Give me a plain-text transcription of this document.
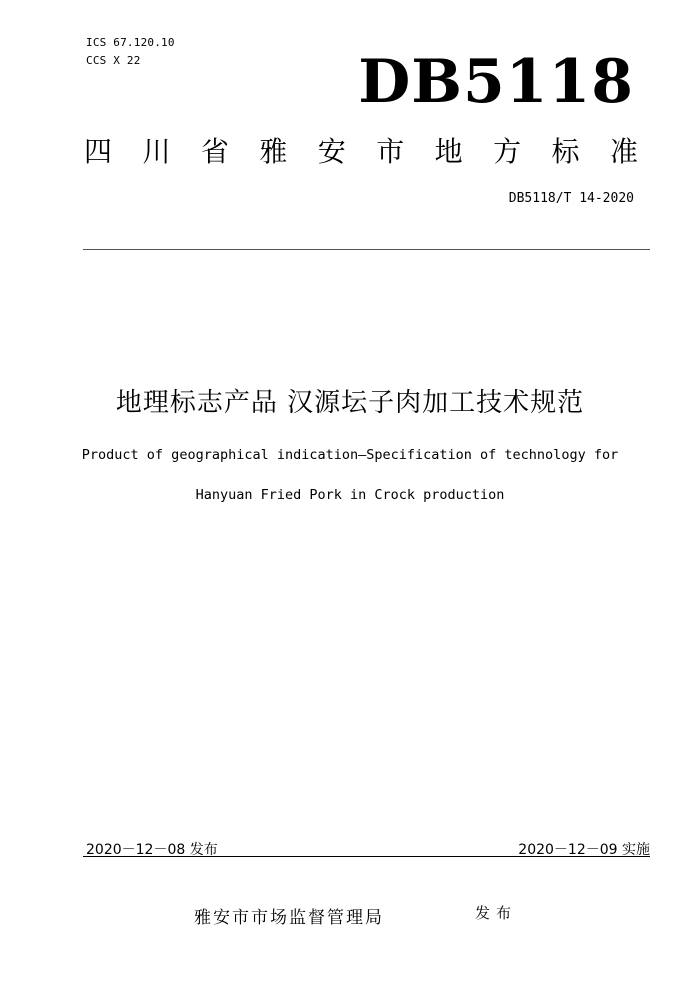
ICS 67.120.10
CCS X 22	DB5118
四 川 省 雅 安 市 地 方 标 准
DB5118/T 14-2020
地理标志产品 汉源坛子肉加工技术规范
Product of geographical indication—Specification of technology for
Hanyuan Fried Pork in Crock production
2020－12－08 发布	2020－12－09 实施
雅安市市场监督管理局	发布
